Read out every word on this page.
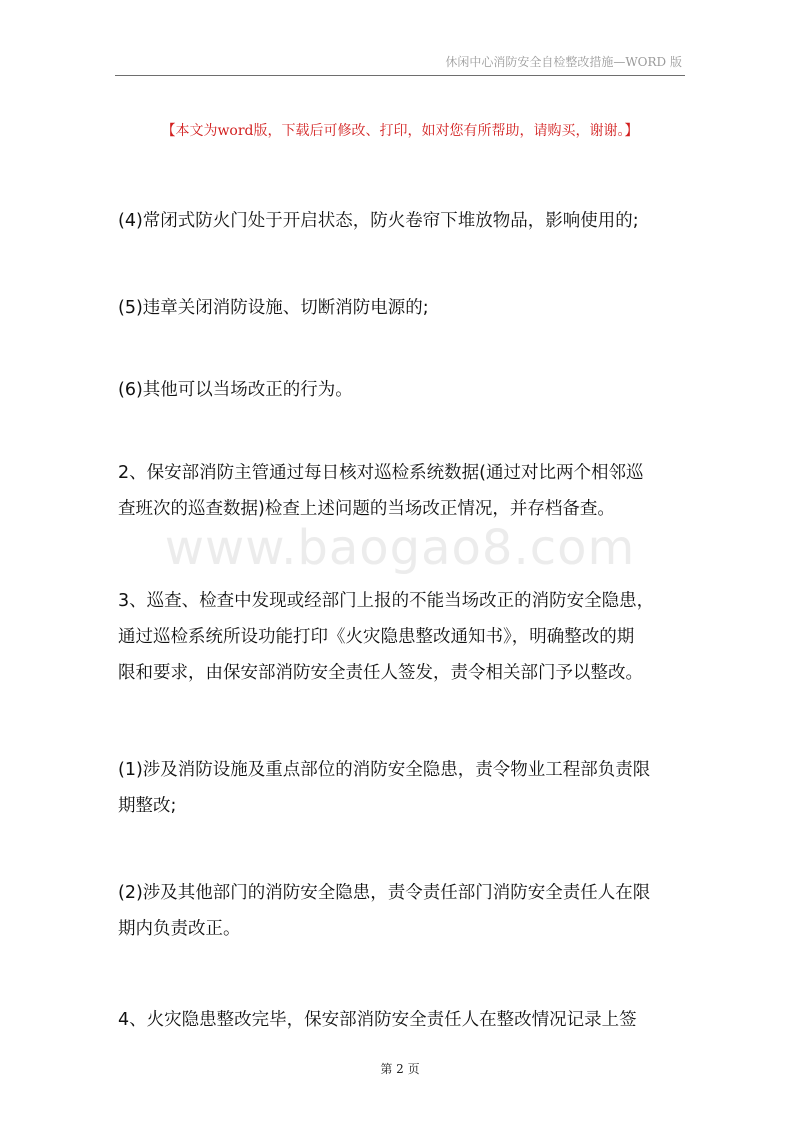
休闲中心消防安全自检整改措施—WORD 版
【本文为word版，下载后可修改、打印，如对您有所帮助，请购买，谢谢。】
www.baogao8.com
(4)常闭式防火门处于开启状态，防火卷帘下堆放物品，影响使用的;
(5)违章关闭消防设施、切断消防电源的;
(6)其他可以当场改正的行为。
2、保安部消防主管通过每日核对巡检系统数据(通过对比两个相邻巡
查班次的巡查数据)检查上述问题的当场改正情况，并存档备查。
3、巡查、检查中发现或经部门上报的不能当场改正的消防安全隐患，
通过巡检系统所设功能打印《火灾隐患整改通知书》，明确整改的期
限和要求，由保安部消防安全责任人签发，责令相关部门予以整改。
(1)涉及消防设施及重点部位的消防安全隐患，责令物业工程部负责限
期整改;
(2)涉及其他部门的消防安全隐患，责令责任部门消防安全责任人在限
期内负责改正。
4、火灾隐患整改完毕，保安部消防安全责任人在整改情况记录上签
第 2 页
